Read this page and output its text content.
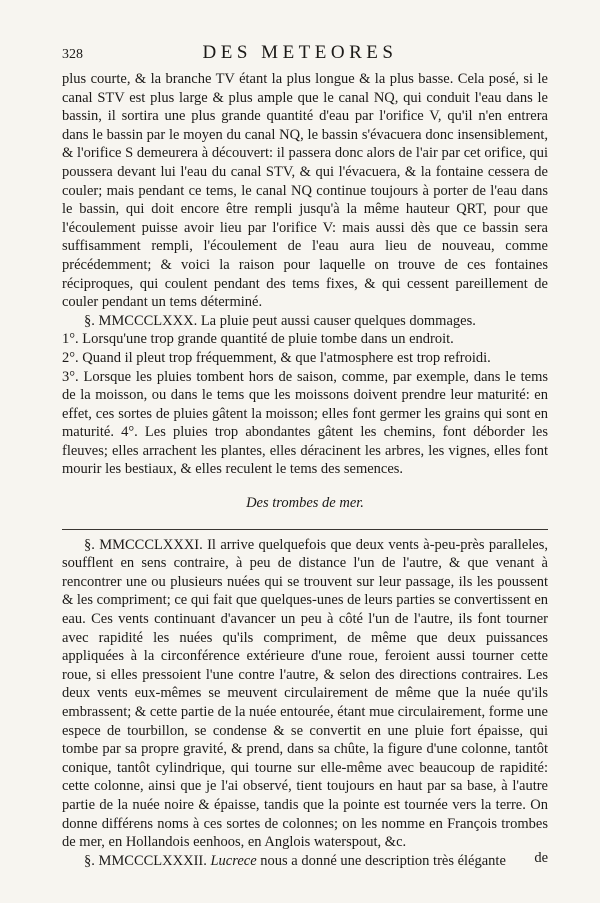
328	DES METEORES

plus courte, & la branche TV étant la plus longue & la plus basse. Cela posé, si le canal STV est plus large & plus ample que le canal NQ, qui conduit l'eau dans le bassin, il sortira une plus grande quantité d'eau par l'orifice V, qu'il n'en entrera dans le bassin par le moyen du canal NQ, le bassin s'évacuera donc insensiblement, & l'orifice S demeurera à découvert: il passera donc alors de l'air par cet orifice, qui poussera devant lui l'eau du canal STV, & qui l'évacuera, & la fontaine cessera de couler; mais pendant ce tems, le canal NQ continue toujours à porter de l'eau dans le bassin, qui doit encore être rempli jusqu'à la même hauteur QRT, pour que l'écoulement puisse avoir lieu par l'orifice V: mais aussi dès que ce bassin sera suffisamment rempli, l'écoulement de l'eau aura lieu de nouveau, comme précédemment; & voici la raison pour laquelle on trouve de ces fontaines réciproques, qui coulent pendant des tems fixes, & qui cessent pareillement de couler pendant un tems déterminé.

§. MMCCCLXXX. La pluie peut aussi causer quelques dommages.

1°. Lorsqu'une trop grande quantité de pluie tombe dans un endroit.

2°. Quand il pleut trop fréquemment, & que l'atmosphere est trop refroidi.

3°. Lorsque les pluies tombent hors de saison, comme, par exemple, dans le tems de la moisson, ou dans le tems que les moissons doivent prendre leur maturité: en effet, ces sortes de pluies gâtent la moisson; elles font germer les grains qui sont en maturité. 4°. Les pluies trop abondantes gâtent les chemins, font déborder les fleuves; elles arrachent les plantes, elles déracinent les arbres, les vignes, elles font mourir les bestiaux, & elles reculent le tems des semences.

Des trombes de mer.

§. MMCCCLXXXI. Il arrive quelquefois que deux vents à-peu-près paralleles, soufflent en sens contraire, à peu de distance l'un de l'autre, & que venant à rencontrer une ou plusieurs nuées qui se trouvent sur leur passage, ils les poussent & les compriment; ce qui fait que quelques-unes de leurs parties se convertissent en eau. Ces vents continuant d'avancer un peu à côté l'un de l'autre, ils font tourner avec rapidité les nuées qu'ils compriment, de même que deux puissances appliquées à la circonférence extérieure d'une roue, feroient aussi tourner cette roue, si elles pressoient l'une contre l'autre, & selon des directions contraires. Les deux vents eux-mêmes se meuvent circulairement de même que la nuée qu'ils embrassent; & cette partie de la nuée entourée, étant mue circulairement, forme une espece de tourbillon, se condense & se convertit en une pluie fort épaisse, qui tombe par sa propre gravité, & prend, dans sa chûte, la figure d'une colonne, tantôt conique, tantôt cylindrique, qui tourne sur elle-même avec beaucoup de rapidité: cette colonne, ainsi que je l'ai observé, tient toujours en haut par sa base, à l'autre partie de la nuée noire & épaisse, tandis que la pointe est tournée vers la terre. On donne différens noms à ces sortes de colonnes; on les nomme en François trombes de mer, en Hollandois eenhoos, en Anglois waterspout, &c.

§. MMCCCLXXXII. Lucrece nous a donné une description très élégante	de
